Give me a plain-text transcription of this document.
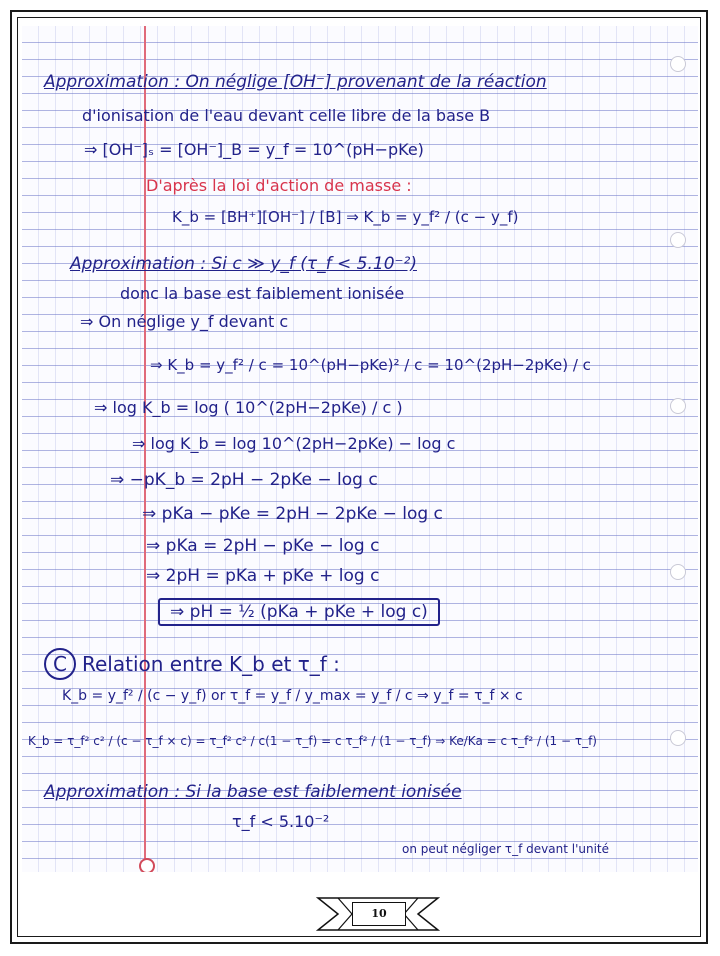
Approximation : On néglige [OH⁻] provenant de la réaction
d'ionisation de l'eau devant celle libre de la base B
⇒ [OH⁻]ₛ = [OH⁻]_B = y_f = 10^(pH−pKe)
D'après la loi d'action de masse :
K_b = [BH⁺][OH⁻] / [B] ⇒ K_b = y_f² / (c − y_f)
Approximation : Si c ≫ y_f (τ_f < 5.10⁻²)
donc la base est faiblement ionisée
⇒ On néglige y_f devant c
⇒ K_b = y_f² / c = 10^(pH−pKe)² / c = 10^(2pH−2pKe) / c
⇒ log K_b = log ( 10^(2pH−2pKe) / c )
⇒ log K_b = log 10^(2pH−2pKe) − log c
⇒ −pK_b = 2pH − 2pKe − log c
⇒ pKa − pKe = 2pH − 2pKe − log c
⇒ pKa = 2pH − pKe − log c
⇒ 2pH = pKa + pKe + log c
⇒ pH = ½ (pKa + pKe + log c)
C Relation entre K_b et τ_f :
K_b = y_f² / (c − y_f) or τ_f = y_f / y_max = y_f / c ⇒ y_f = τ_f × c
K_b = τ_f² c² / (c − τ_f × c) = τ_f² c² / c(1 − τ_f) = c τ_f² / (1 − τ_f) ⇒ Ke/Ka = c τ_f² / (1 − τ_f)
Approximation : Si la base est faiblement ionisée
τ_f < 5.10⁻²
on peut négliger τ_f devant l'unité
10
